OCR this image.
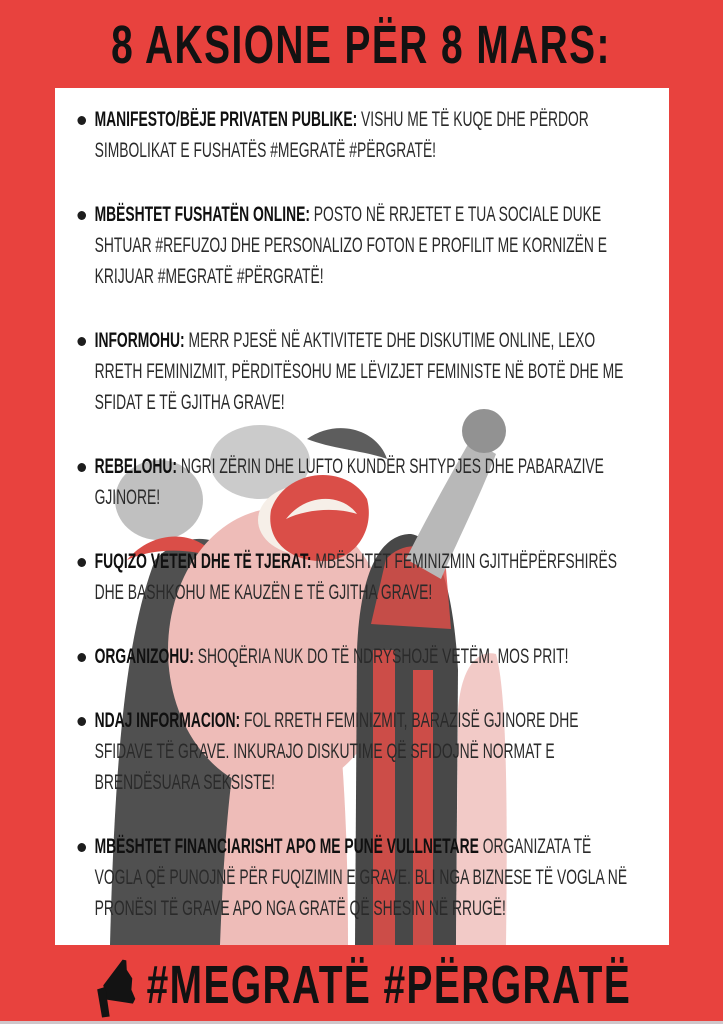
8 AKSIONE PËR 8 MARS:
MANIFESTO/BËJE PRIVATEN PUBLIKE: VISHU ME TË KUQE DHE PËRDOR SIMBOLIKAT E FUSHATËS #MEGRATË #PËRGRATË!
MBËSHTET FUSHATËN ONLINE: POSTO NË RRJETET E TUA SOCIALE DUKE SHTUAR #REFUZOJ DHE PERSONALIZO FOTON E PROFILIT ME KORNIZËN E KRIJUAR #MEGRATË #PËRGRATË!
INFORMOHU: MERR PJESË NË AKTIVITETE DHE DISKUTIME ONLINE, LEXO RRETH FEMINIZMIT, PËRDITËSOHU ME LËVIZJET FEMINISTE NË BOTË DHE ME SFIDAT E TË GJITHA GRAVE!
REBELOHU: NGRI ZËRIN DHE LUFTO KUNDËR SHTYPJES DHE PABARAZIVE GJINORE!
FUQIZO VETEN DHE TË TJERAT: MBËSHTET FEMINIZMIN GJITHËPËRFSHIRËS DHE BASHKOHU ME KAUZËN E TË GJITHA GRAVE!
ORGANIZOHU: SHOQËRIA NUK DO TË NDRYSHOJË VETËM. MOS PRIT!
NDAJ INFORMACION: FOL RRETH FEMINIZMIT, BARAZISË GJINORE DHE SFIDAVE TË GRAVE. INKURAJO DISKUTIME QË SFIDOJNË NORMAT E BRENDËSUARA SEKSISTE!
MBËSHTET FINANCIARISHT APO ME PUNË VULLNETARE ORGANIZATA TË VOGLA QË PUNOJNË PËR FUQIZIMIN E GRAVE. BLI NGA BIZNESE TË VOGLA NË PRONËSI TË GRAVE APO NGA GRATË QË SHESIN NË RRUGË!
#MEGRATË #PËRGRATË
